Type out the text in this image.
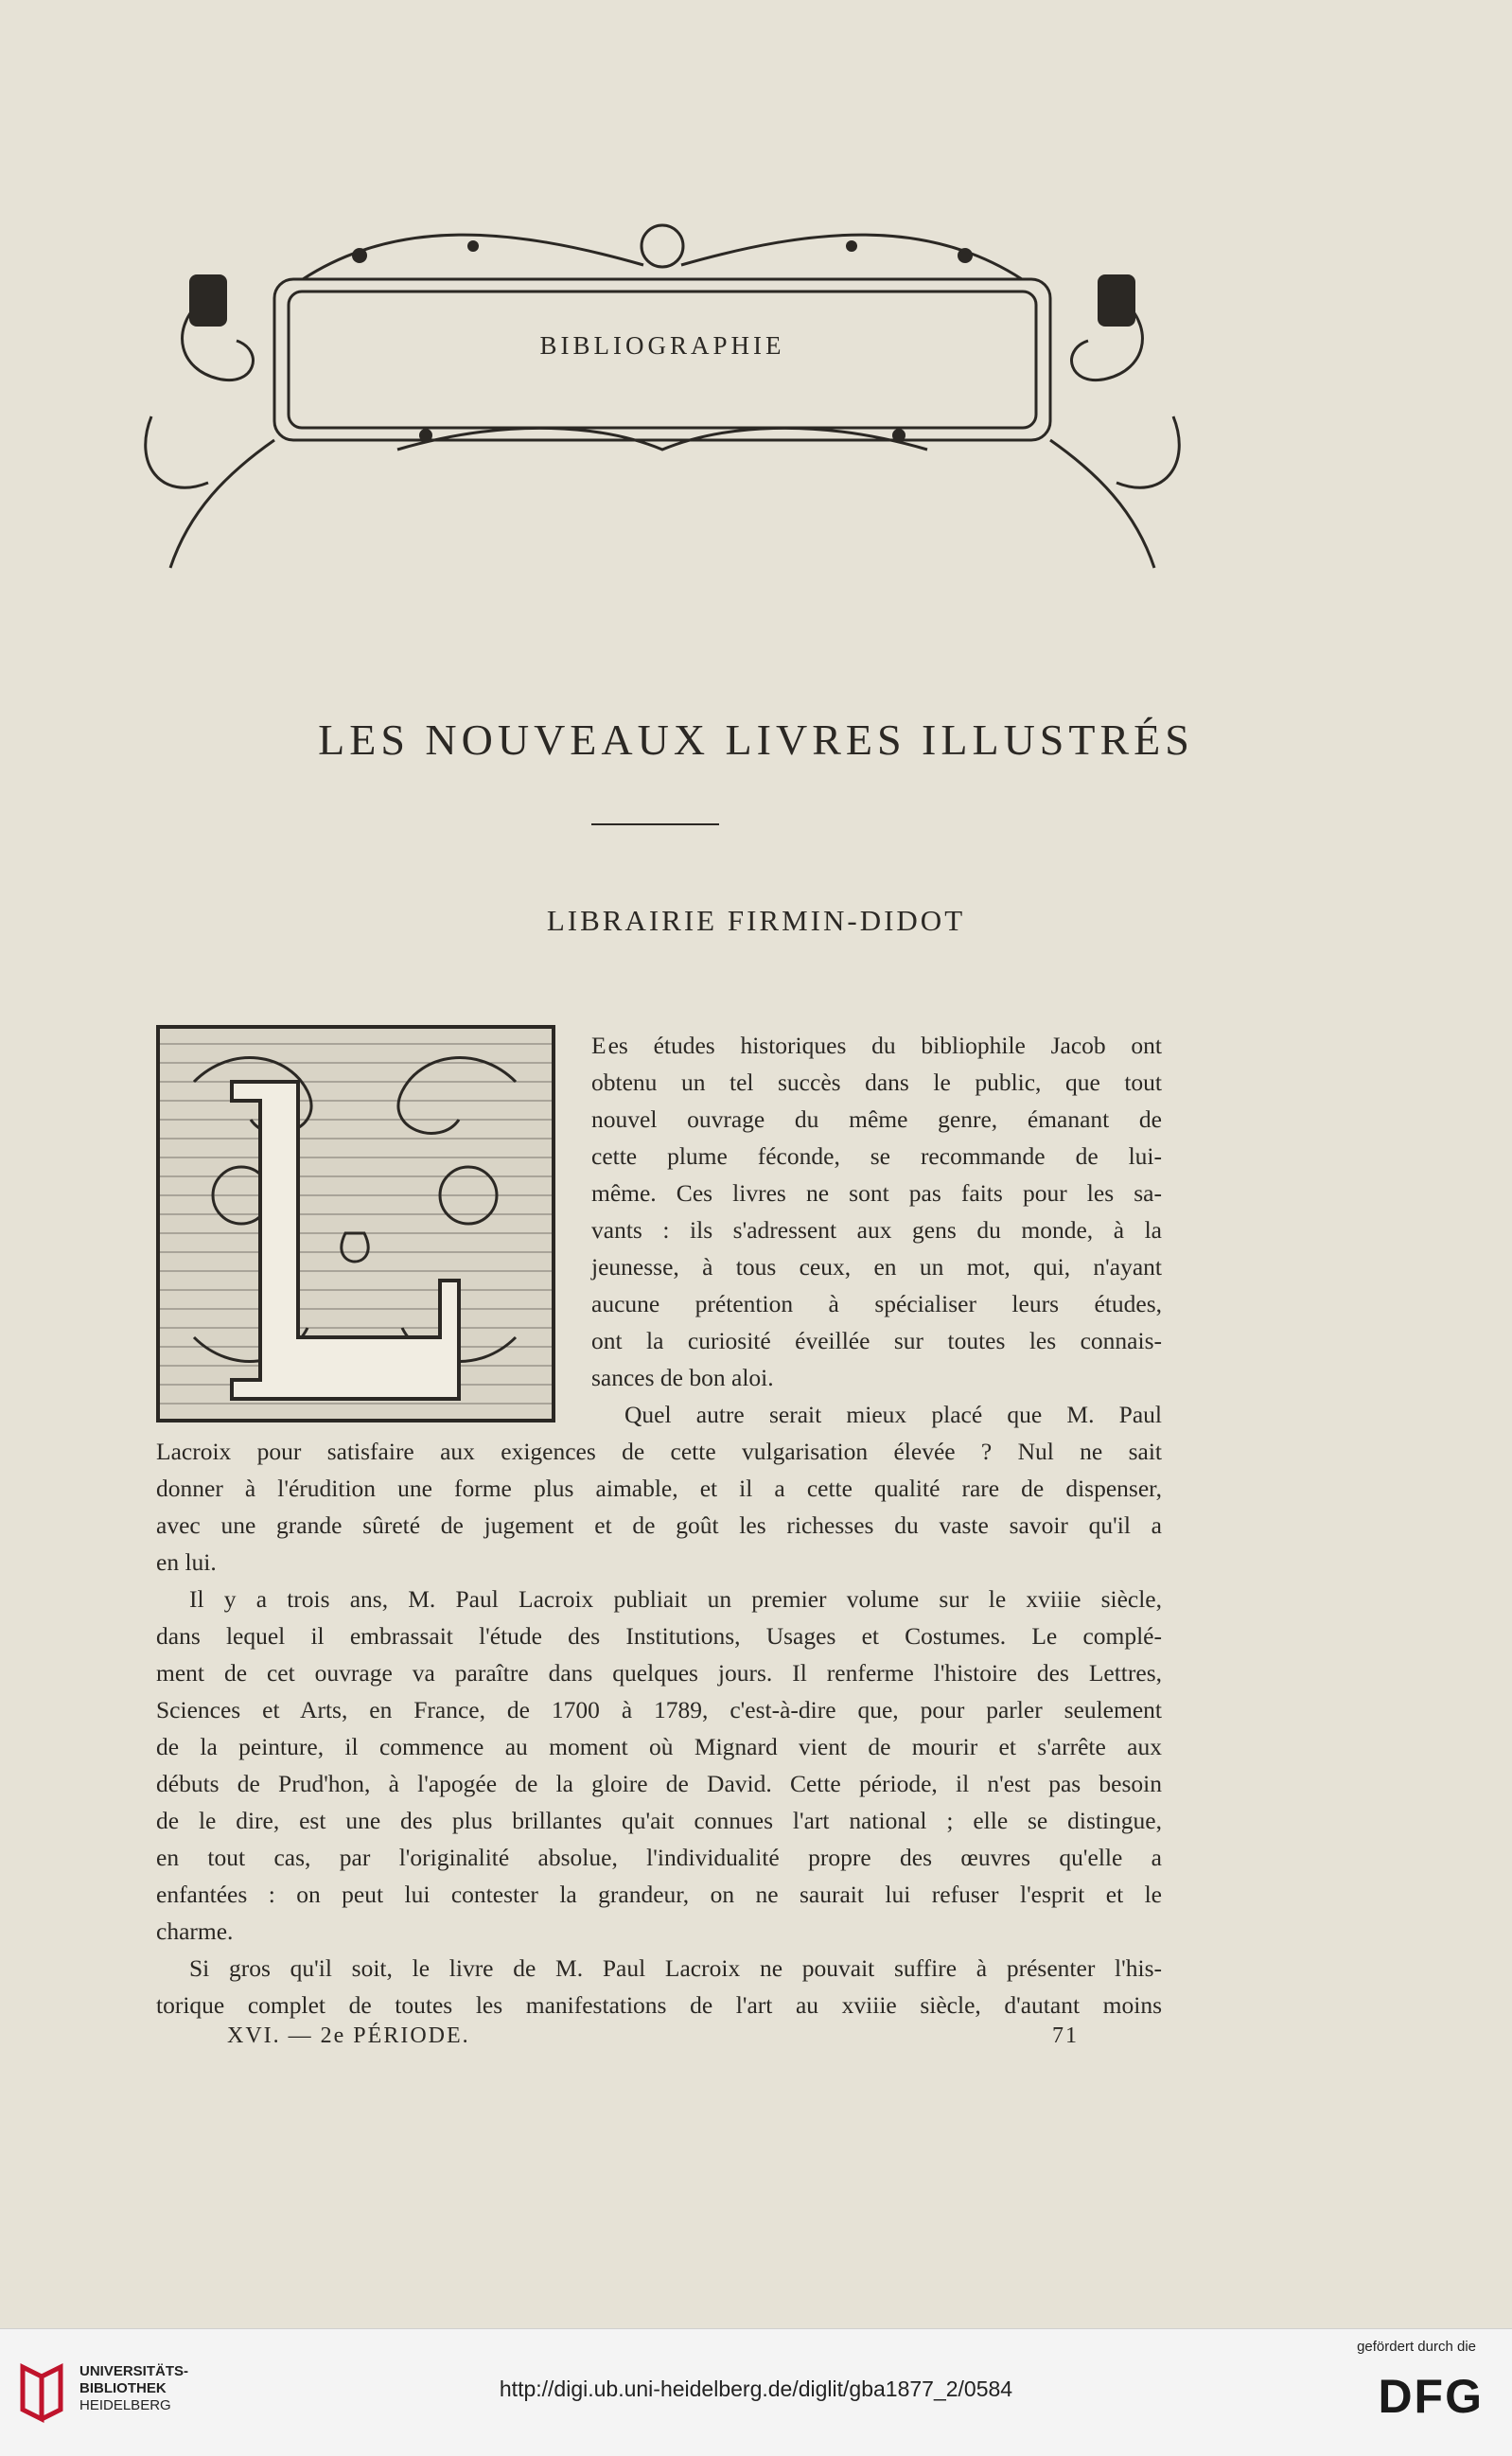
BIBLIOGRAPHIE
LES NOUVEAUX LIVRES ILLUSTRÉS
LIBRAIRIE FIRMIN-DIDOT
Ees études historiques du bibliophile Jacob ont
obtenu un tel succès dans le public, que tout
nouvel ouvrage du même genre, émanant de
cette plume féconde, se recommande de lui-
même. Ces livres ne sont pas faits pour les sa-
vants : ils s'adressent aux gens du monde, à la
jeunesse, à tous ceux, en un mot, qui, n'ayant
aucune prétention à spécialiser leurs études,
ont la curiosité éveillée sur toutes les connais-
sances de bon aloi.
Quel autre serait mieux placé que M. Paul
Lacroix pour satisfaire aux exigences de cette vulgarisation élevée ? Nul ne sait
donner à l'érudition une forme plus aimable, et il a cette qualité rare de dispenser,
avec une grande sûreté de jugement et de goût les richesses du vaste savoir qu'il a
en lui.
Il y a trois ans, M. Paul Lacroix publiait un premier volume sur le xviiie siècle,
dans lequel il embrassait l'étude des Institutions, Usages et Costumes. Le complé-
ment de cet ouvrage va paraître dans quelques jours. Il renferme l'histoire des Lettres,
Sciences et Arts, en France, de 1700 à 1789, c'est-à-dire que, pour parler seulement
de la peinture, il commence au moment où Mignard vient de mourir et s'arrête aux
débuts de Prud'hon, à l'apogée de la gloire de David. Cette période, il n'est pas besoin
de le dire, est une des plus brillantes qu'ait connues l'art national ; elle se distingue,
en tout cas, par l'originalité absolue, l'individualité propre des œuvres qu'elle a
enfantées : on peut lui contester la grandeur, on ne saurait lui refuser l'esprit et le
charme.
Si gros qu'il soit, le livre de M. Paul Lacroix ne pouvait suffire à présenter l'his-
torique complet de toutes les manifestations de l'art au xviiie siècle, d'autant moins
XVI. — 2e PÉRIODE.	71
UNIVERSITÄTS-
BIBLIOTHEK
HEIDELBERG
http://digi.ub.uni-heidelberg.de/diglit/gba1877_2/0584
gefördert durch die
DFG
